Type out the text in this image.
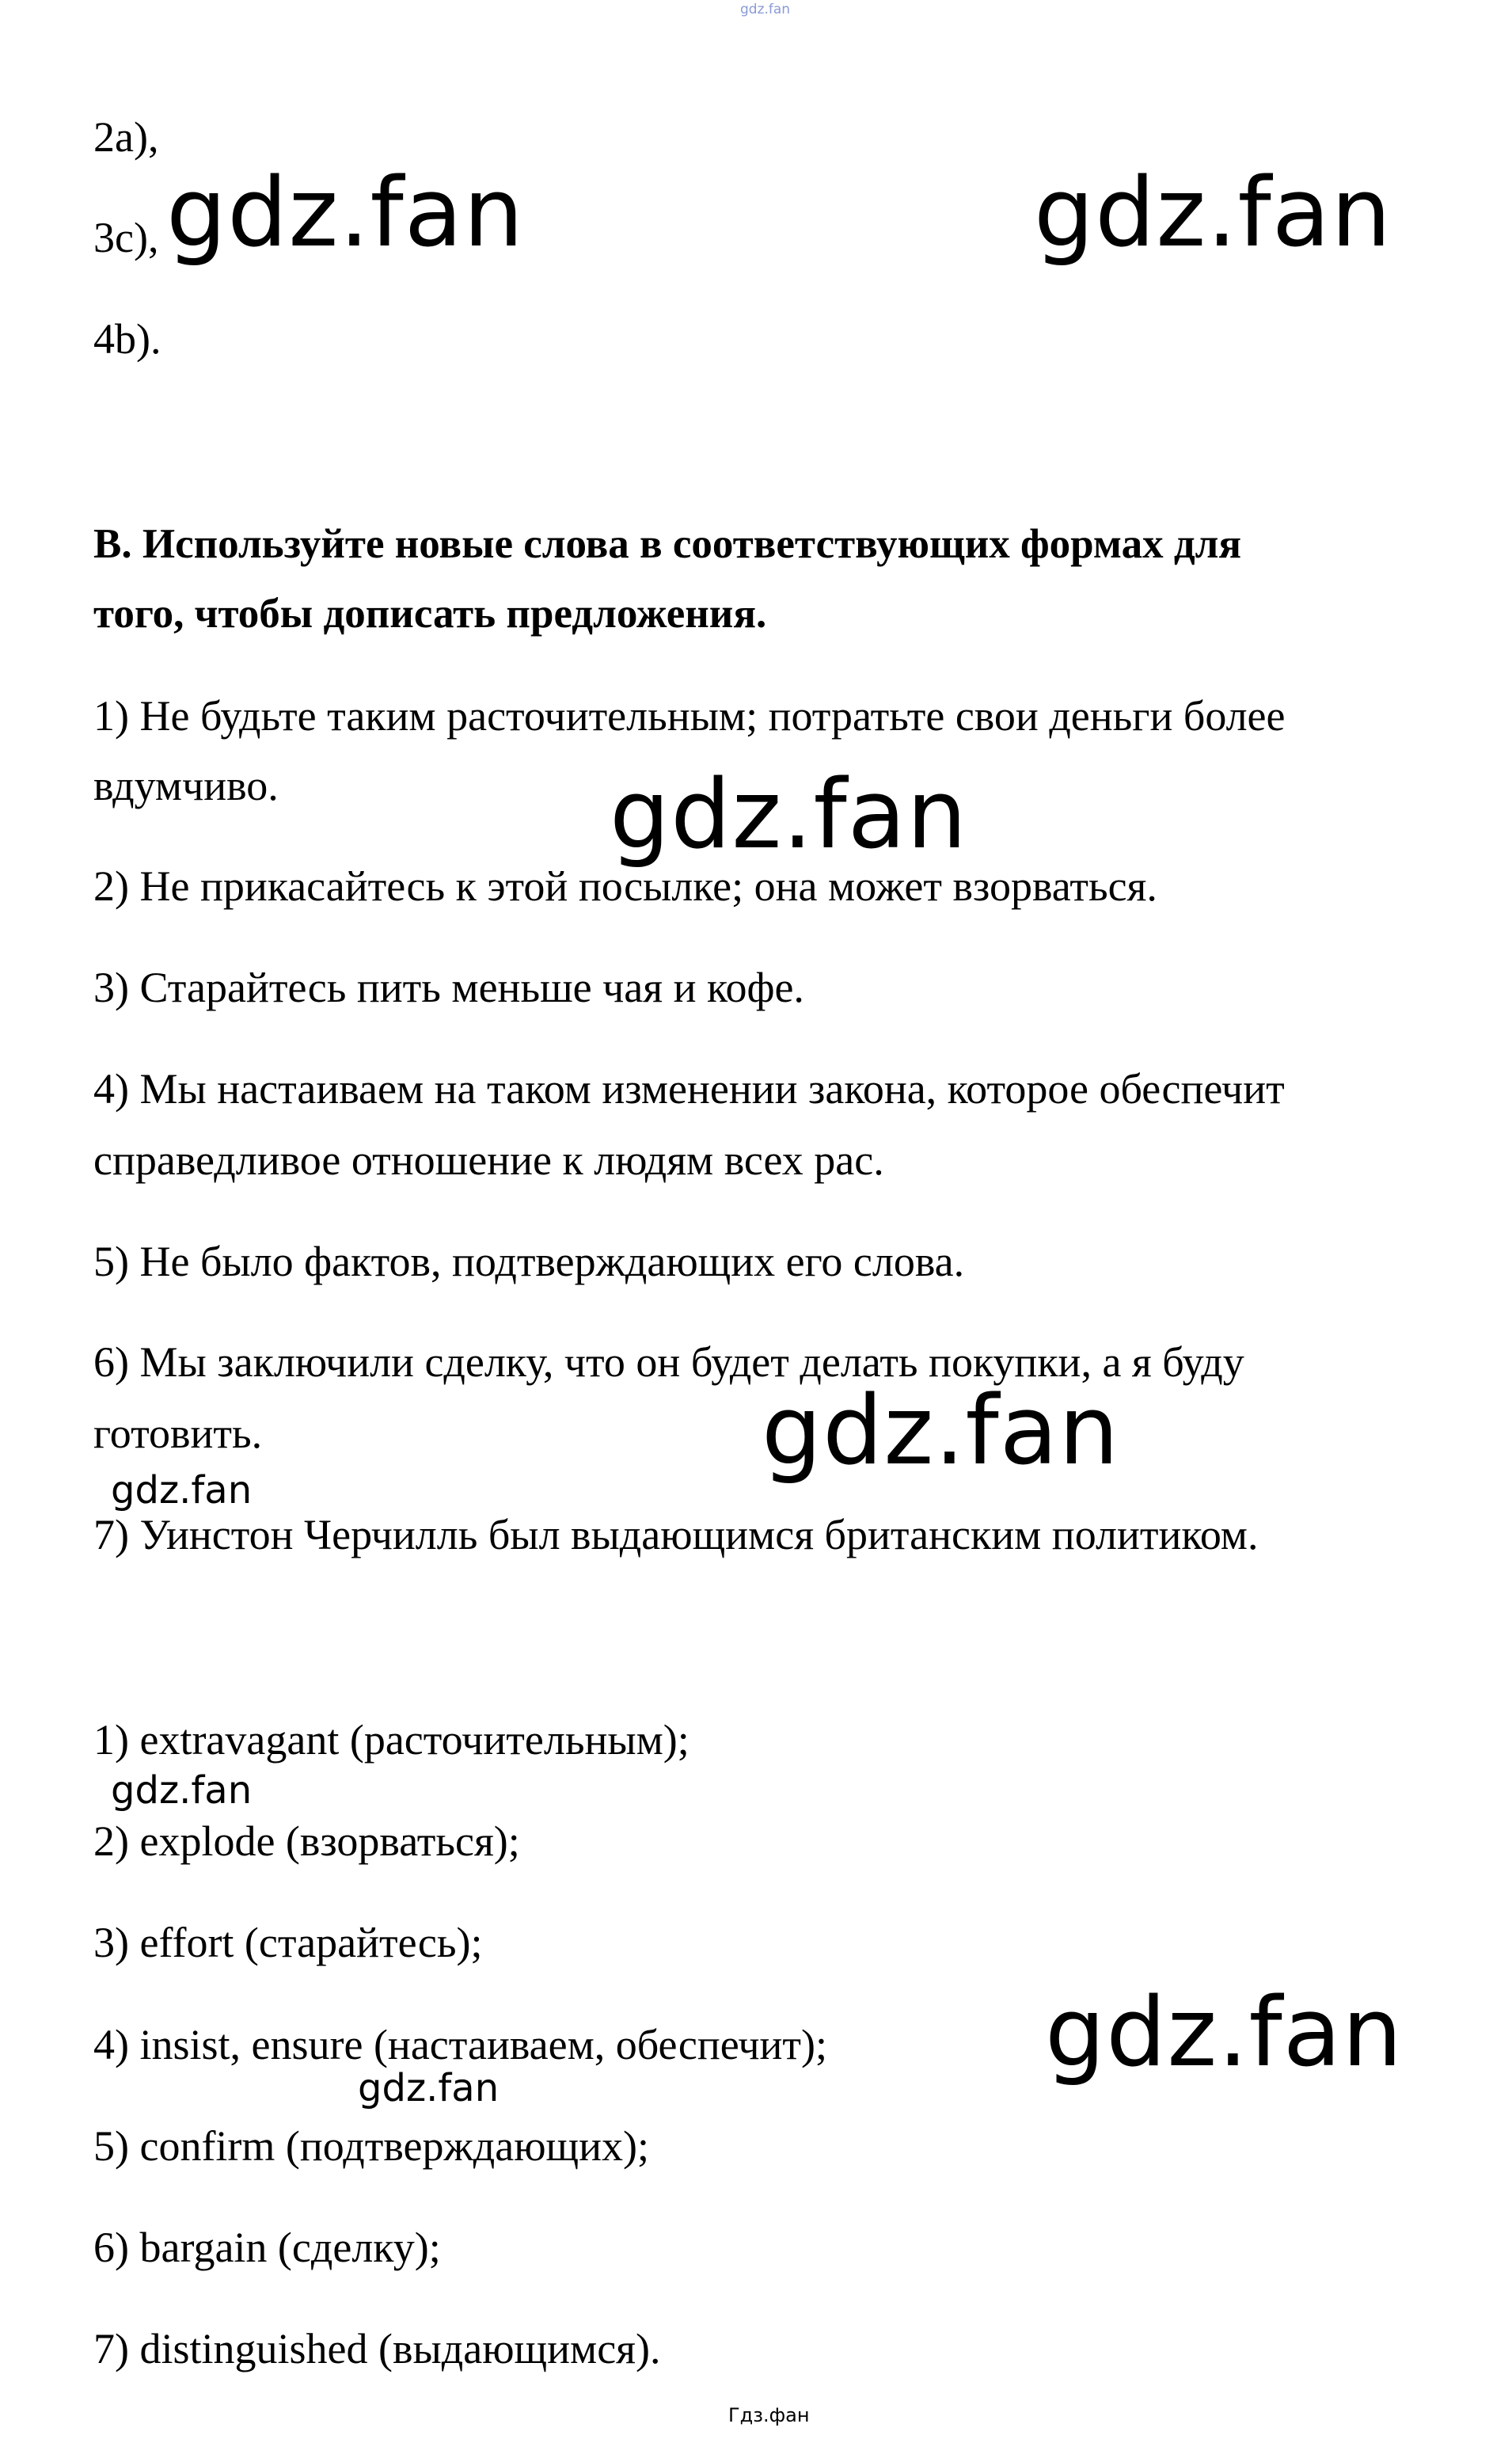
gdz.fan
2a),
3c),
4b).
B. Используйте новые слова в соответствующих формах для
того, чтобы дописать предложения.
1) Не будьте таким расточительным; потратьте свои деньги более
вдумчиво.
2) Не прикасайтесь к этой посылке; она может взорваться.
3) Старайтесь пить меньше чая и кофе.
4) Мы настаиваем на таком изменении закона, которое обеспечит
справедливое отношение к людям всех рас.
5) Не было фактов, подтверждающих его слова.
6) Мы заключили сделку, что он будет делать покупки, а я буду
готовить.
7) Уинстон Черчилль был выдающимся британским политиком.
1) extravagant (расточительным);
2) explode (взорваться);
3) effort (старайтесь);
4) insist, ensure (настаиваем, обеспечит);
5) confirm (подтверждающих);
6) bargain (сделку);
7) distinguished (выдающимся).
gdz.fan	gdz.fan
gdz.fan
gdz.fan
gdz.fan
gdz.fan
gdz.fan
gdz.fan
Гдз.фан
